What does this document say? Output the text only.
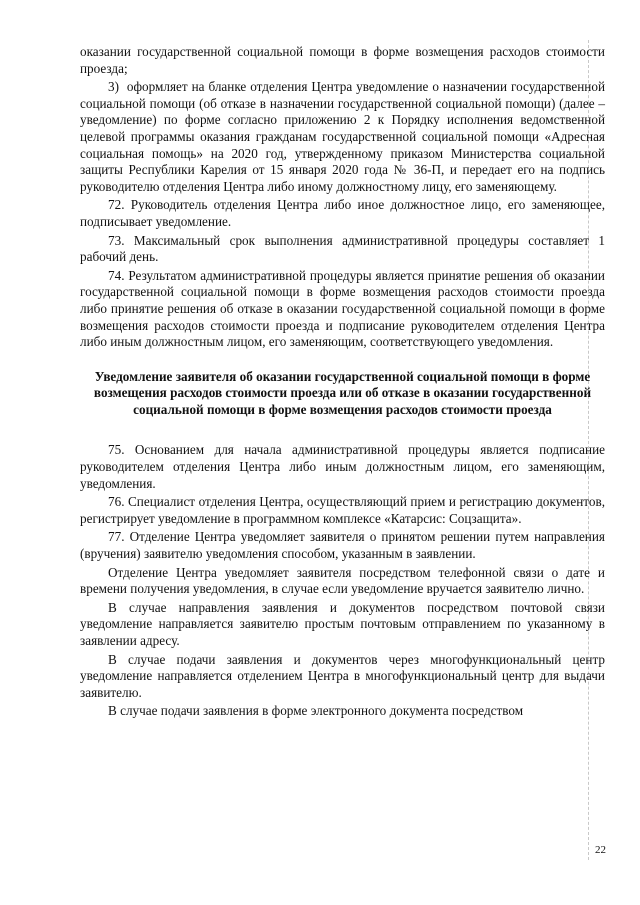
оказании государственной социальной помощи в форме возмещения расходов стоимости проезда;

3)  оформляет на бланке отделения Центра уведомление о назначении государственной социальной помощи (об отказе в назначении государственной социальной помощи) (далее – уведомление) по форме согласно приложению 2 к Порядку исполнения ведомственной целевой программы оказания гражданам государственной социальной помощи «Адресная социальная помощь» на 2020 год, утвержденному приказом Министерства социальной защиты Республики Карелия от 15 января 2020 года № 36-П, и передает его на подпись руководителю отделения Центра либо иному должностному лицу, его заменяющему.

72. Руководитель отделения Центра либо иное должностное лицо, его заменяющее, подписывает уведомление.

73. Максимальный срок выполнения административной процедуры составляет 1 рабочий день.

74. Результатом административной процедуры является принятие решения об оказании государственной социальной помощи в форме возмещения расходов стоимости проезда либо принятие решения об отказе в оказании государственной социальной помощи в форме возмещения расходов стоимости проезда и подписание руководителем отделения Центра либо иным должностным лицом, его заменяющим, соответствующего уведомления.

Уведомление заявителя об оказании государственной социальной помощи в форме возмещения расходов стоимости проезда или об отказе в оказании государственной социальной помощи в форме возмещения расходов стоимости проезда

75. Основанием для начала административной процедуры является подписание руководителем отделения Центра либо иным должностным лицом, его заменяющим, уведомления.

76. Специалист отделения Центра, осуществляющий прием и регистрацию документов, регистрирует уведомление в программном комплексе «Катарсис: Соцзащита».

77. Отделение Центра уведомляет заявителя о принятом решении путем направления (вручения) заявителю уведомления способом, указанным в заявлении.

Отделение Центра уведомляет заявителя посредством телефонной связи о дате и времени получения уведомления, в случае если уведомление вручается заявителю лично.

В случае направления заявления и документов посредством почтовой связи уведомление направляется заявителю простым почтовым отправлением по указанному в заявлении адресу.

В случае подачи заявления и документов через многофункциональный центр уведомление направляется отделением Центра в многофункциональный центр для выдачи заявителю.

В случае подачи заявления в форме электронного документа посредством

22
